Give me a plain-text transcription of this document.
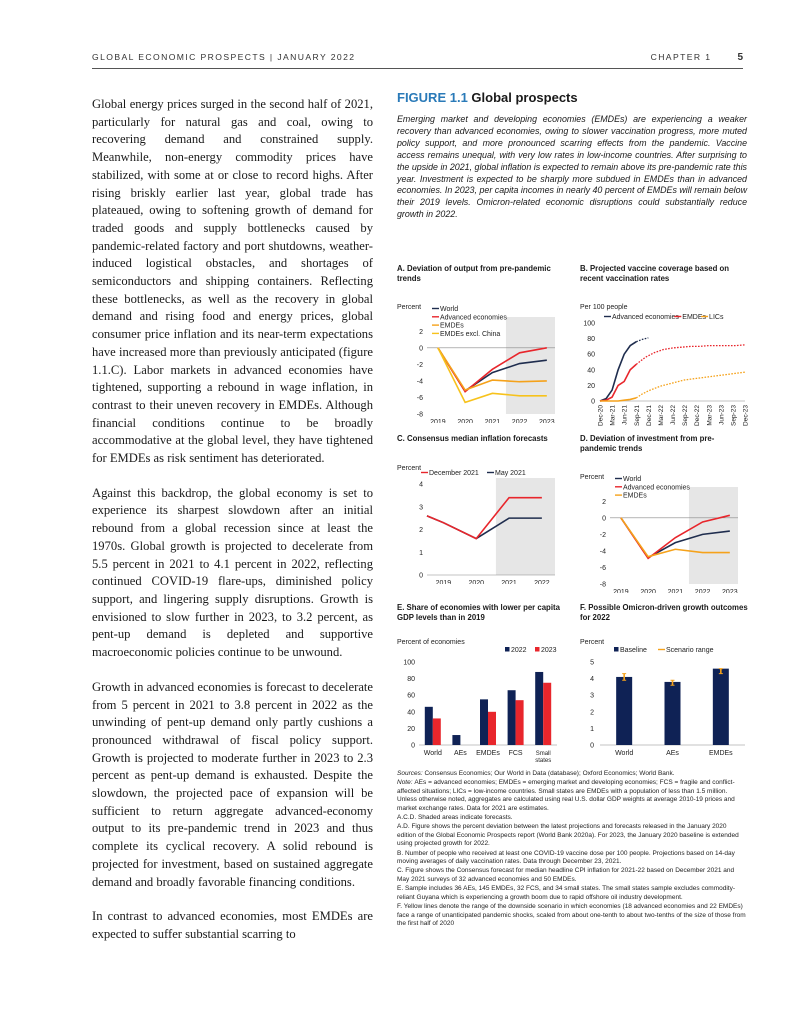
GLOBAL ECONOMIC PROSPECTS | JANUARY 2022	CHAPTER 1	5

Global energy prices surged in the second half of 2021, particularly for natural gas and coal, owing to recovering demand and constrained supply. Meanwhile, non-energy commodity prices have stabilized, with some at or close to record highs. After rising briskly earlier last year, global trade has plateaued, owing to softening growth of demand for traded goods and supply bottlenecks caused by pandemic-related factory and port shutdowns, weather-induced logistical obstacles, and shortages of semiconductors and shipping containers. Reflecting these bottlenecks, as well as the recovery in global demand and rising food and energy prices, global consumer price inflation and its near-term expectations have increased more than previously anticipated (figure 1.1.C). Labor markets in advanced economies have tightened, supporting a rebound in wage inflation, in contrast to their uneven recovery in EMDEs. Although financial conditions continue to be broadly accommodative at the global level, they have tightened for EMDEs as risk sentiment has deteriorated.

Against this backdrop, the global economy is set to experience its sharpest slowdown after an initial rebound from a global recession since at least the 1970s. Global growth is projected to decelerate from 5.5 percent in 2021 to 4.1 percent in 2022, reflecting continued COVID-19 flare-ups, diminished policy support, and lingering supply disruptions. Growth is envisioned to slow further in 2023, to 3.2 percent, as pent-up demand is depleted and supportive macroeconomic policies continue to be unwound.

Growth in advanced economies is forecast to decelerate from 5 percent in 2021 to 3.8 percent in 2022 as the unwinding of pent-up demand only partly cushions a pronounced withdrawal of fiscal policy support. Growth is projected to moderate further in 2023 to 2.3 percent as pent-up demand is exhausted. Despite the slowdown, the projected pace of expansion will be sufficient to return aggregate advanced-economy output to its pre-pandemic trend in 2023 and thus complete its cyclical recovery. A solid rebound is projected for investment, based on sustained aggregate demand and broadly favorable financing conditions.

In contrast to advanced economies, most EMDEs are expected to suffer substantial scarring to

FIGURE 1.1 Global prospects
Emerging market and developing economies (EMDEs) are experiencing a weaker recovery than advanced economies, owing to slower vaccination progress, more muted policy support, and more pronounced scarring effects from the pandemic. Vaccine access remains unequal, with very low rates in low-income countries. After surprising to the upside in 2021, global inflation is expected to remain above its pre-pandemic rate this year. Investment is expected to be sharply more subdued in EMDEs than in advanced economies. In 2023, per capita incomes in nearly 40 percent of EMDEs will remain below their 2019 levels. Omicron-related economic disruptions could substantially reduce growth in 2022.
A. Deviation of output from pre-pandemic trends
Percent
2
0
-2
-4
-6
-8
2019 2020 2021 2022 2023
World
Advanced economies
EMDEs
EMDEs excl. China
B. Projected vaccine coverage based on recent vaccination rates
Per 100 people
100
80
60
40
20
0
Dec-20 Mar-21 Jun-21 Sep-21 Dec-21 Mar-22 Jun-22 Sep-22 Dec-22 Mar-23 Jun-23 Sep-23 Dec-23
Advanced economies EMDEs LICs
C. Consensus median inflation forecasts
Percent
4
3
2
1
0
2019 2020 2021 2022
December 2021 May 2021
D. Deviation of investment from pre-pandemic trends
Percent
2
0
-2
-4
-6
-8
2019 2020 2021 2022 2023
World
Advanced economies
EMDEs
E. Share of economies with lower per capita GDP levels than in 2019
Percent of economies
100
80
60
40
20
0
World AEs EMDEs FCS Small
states
2022 2023
F. Possible Omicron-driven growth outcomes for 2022
Percent
5
4
3
2
1
0
World	AEs	EMDEs
Baseline	Scenario range

Sources: Consensus Economics; Our World in Data (database); Oxford Economics; World Bank.

Note: AEs = advanced economies; EMDEs = emerging market and developing economies; FCS = fragile and conflict-affected situations; LICs = low-income countries. Small states are EMDEs with a population of less than 1.5 million. Unless otherwise noted, aggregates are calculated using real U.S. dollar GDP weights at average 2010-19 prices and market exchange rates. Data for 2021 are estimates.

A.C.D. Shaded areas indicate forecasts.

A.D. Figure shows the percent deviation between the latest projections and forecasts released in the January 2020 edition of the Global Economic Prospects report (World Bank 2020a). For 2023, the January 2020 baseline is extended using projected growth for 2022.

B. Number of people who received at least one COVID-19 vaccine dose per 100 people. Projections based on 14-day moving averages of daily vaccination rates. Data through December 23, 2021.

C. Figure shows the Consensus forecast for median headline CPI inflation for 2021-22 based on December 2021 and May 2021 surveys of 32 advanced economies and 50 EMDEs.

E. Sample includes 36 AEs, 145 EMDEs, 32 FCS, and 34 small states. The small states sample excludes commodity-reliant Guyana which is experiencing a growth boom due to rapid offshore oil industry development.

F. Yellow lines denote the range of the downside scenario in which economies (18 advanced economies and 22 EMDEs) face a range of unanticipated pandemic shocks, scaled from about one-tenth to about two-tenths of the size of those from the first half of 2020
